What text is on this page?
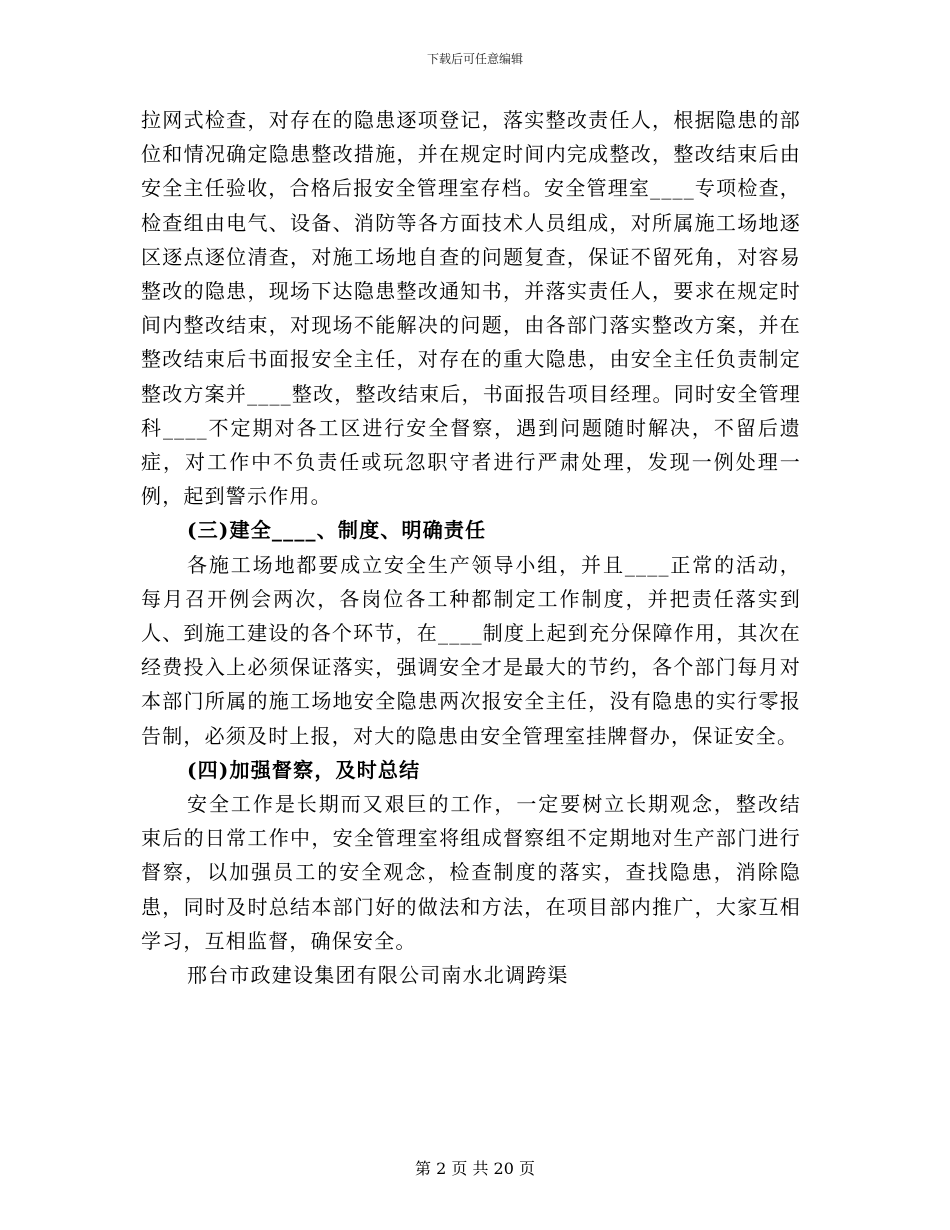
下载后可任意编辑

拉网式检查，对存在的隐患逐项登记，落实整改责任人，根据隐患的部位和情况确定隐患整改措施，并在规定时间内完成整改，整改结束后由安全主任验收，合格后报安全管理室存档。安全管理室____专项检查，检查组由电气、设备、消防等各方面技术人员组成，对所属施工场地逐区逐点逐位清查，对施工场地自查的问题复查，保证不留死角，对容易整改的隐患，现场下达隐患整改通知书，并落实责任人，要求在规定时间内整改结束，对现场不能解决的问题，由各部门落实整改方案，并在整改结束后书面报安全主任，对存在的重大隐患，由安全主任负责制定整改方案并____整改，整改结束后，书面报告项目经理。同时安全管理科____不定期对各工区进行安全督察，遇到问题随时解决，不留后遗症，对工作中不负责任或玩忽职守者进行严肃处理，发现一例处理一例，起到警示作用。

(三)建全____、制度、明确责任

各施工场地都要成立安全生产领导小组，并且____正常的活动，每月召开例会两次，各岗位各工种都制定工作制度，并把责任落实到人、到施工建设的各个环节，在____制度上起到充分保障作用，其次在经费投入上必须保证落实，强调安全才是最大的节约，各个部门每月对本部门所属的施工场地安全隐患两次报安全主任，没有隐患的实行零报告制，必须及时上报，对大的隐患由安全管理室挂牌督办，保证安全。

(四)加强督察，及时总结

安全工作是长期而又艰巨的工作，一定要树立长期观念，整改结束后的日常工作中，安全管理室将组成督察组不定期地对生产部门进行督察，以加强员工的安全观念，检查制度的落实，查找隐患，消除隐患，同时及时总结本部门好的做法和方法，在项目部内推广，大家互相学习，互相监督，确保安全。

邢台市政建设集团有限公司南水北调跨渠

第 2 页 共 20 页
